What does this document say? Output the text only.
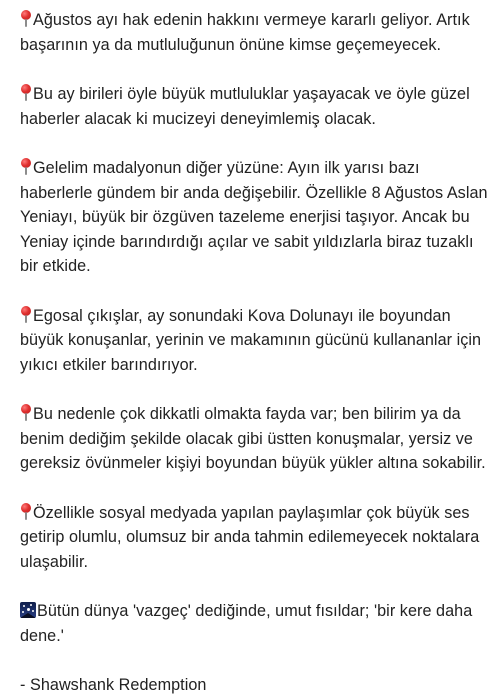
Ağustos ayı hak edenin hakkını vermeye kararlı geliyor. Artık başarının ya da mutluluğunun önüne kimse geçemeyecek.

Bu ay birileri öyle büyük mutluluklar yaşayacak ve öyle güzel haberler alacak ki mucizeyi deneyimlemiş olacak.

Gelelim madalyonun diğer yüzüne: Ayın ilk yarısı bazı haberlerle gündem bir anda değişebilir. Özellikle 8 Ağustos Aslan Yeniayı, büyük bir özgüven tazeleme enerjisi taşıyor. Ancak bu Yeniay içinde barındırdığı açılar ve sabit yıldızlarla biraz tuzaklı bir etkide.

Egosal çıkışlar, ay sonundaki Kova Dolunayı ile boyundan büyük konuşanlar, yerinin ve makamının gücünü kullananlar için yıkıcı etkiler barındırıyor.

Bu nedenle çok dikkatli olmakta fayda var; ben bilirim ya da benim dediğim şekilde olacak gibi üstten konuşmalar, yersiz ve gereksiz övünmeler kişiyi boyundan büyük yükler altına sokabilir.

Özellikle sosyal medyada yapılan paylaşımlar çok büyük ses getirip olumlu, olumsuz bir anda tahmin edilemeyecek noktalara ulaşabilir.

Bütün dünya 'vazgeç' dediğinde, umut fısıldar; 'bir kere daha dene.'

- Shawshank Redemption
